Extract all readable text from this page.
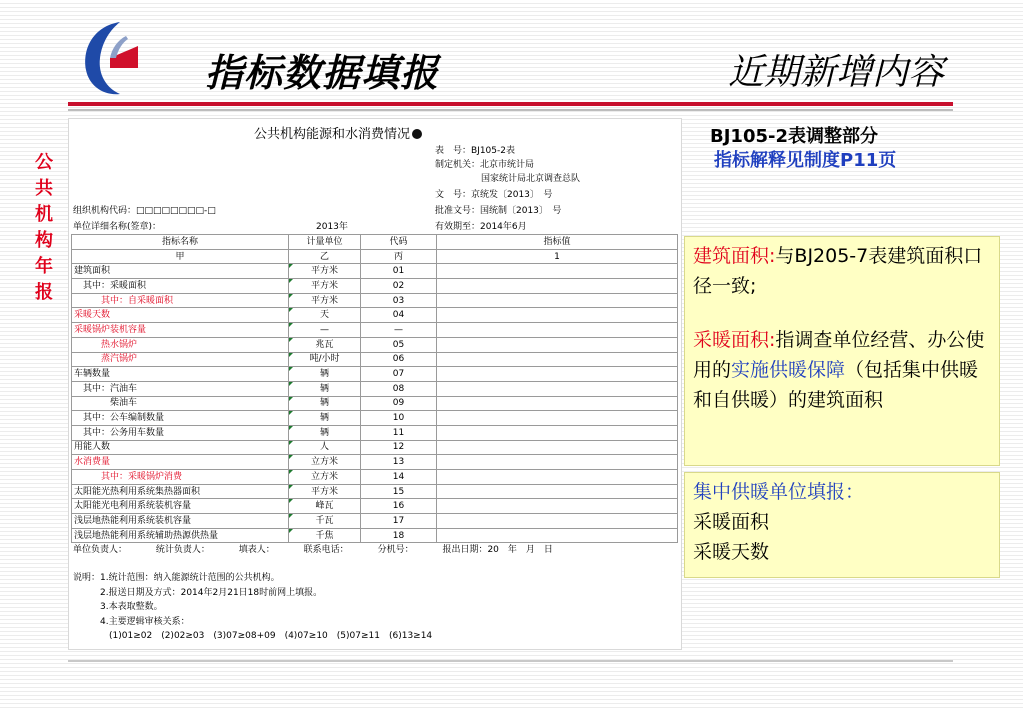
指标数据填报	近期新增内容
公
共
机
构
年
报
公共机构能源和水消费情况
表　号：BJ105-2表
制定机关：北京市统计局
国家统计局北京调查总队
文　号：京统发〔2013〕　号
批准文号：国统制〔2013〕　号
有效期至：2014年6月
组织机构代码：□□□□□□□□-□
单位详细名称(签章)：	2013年
指标名称	计量单位	代码	指标值
甲	乙	丙	1
建筑面积	平方米	01	
　其中：采暖面积	平方米	02	
　　　其中：自采暖面积	平方米	03	
采暖天数	天	04	
采暖锅炉装机容量	—	—	
　　　热水锅炉	兆瓦	05	
　　　蒸汽锅炉	吨/小时	06	
车辆数量	辆	07	
　其中：汽油车	辆	08	
　　　　柴油车	辆	09	
　其中：公车编制数量	辆	10	
　其中：公务用车数量	辆	11	
用能人数	人	12	
水消费量	立方米	13	
　　　其中：采暖锅炉消费	立方米	14	
太阳能光热利用系统集热器面积	平方米	15	
太阳能光电利用系统装机容量	峰瓦	16	
浅层地热能利用系统装机容量	千瓦	17	
浅层地热能利用系统辅助热源供热量	千焦	18	
单位负责人：	统计负责人：	填表人：	联系电话：	分机号：	报出日期：20　年　月　日
说明：1.统计范围：纳入能源统计范围的公共机构。
　　　2.报送日期及方式：2014年2月21日18时前网上填报。
　　　3.本表取整数。
　　　4.主要逻辑审核关系：
　　　　(1)01≥02　(2)02≥03　(3)07≥08+09　(4)07≥10　(5)07≥11　(6)13≥14
BJ105-2表调整部分
指标解释见制度P11页
建筑面积:与BJ205-7表建筑面积口径一致;
采暖面积:指调查单位经营、办公使用的实施供暖保障（包括集中供暖和自供暖）的建筑面积
集中供暖单位填报：
采暖面积
采暖天数
